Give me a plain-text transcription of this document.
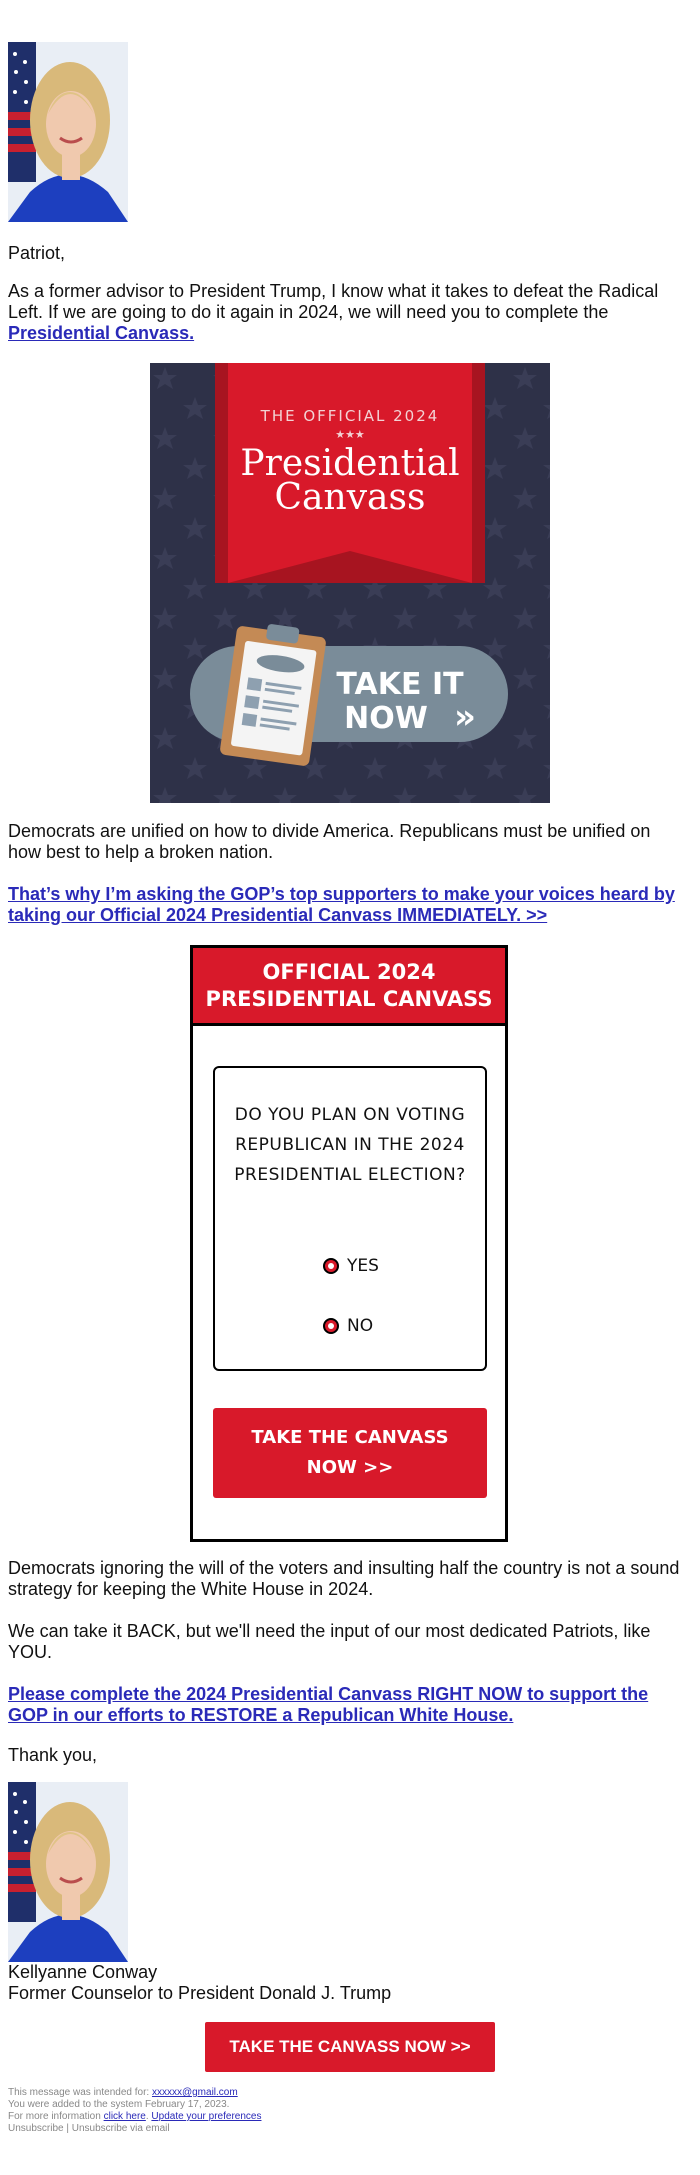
Patriot,

As a former advisor to President Trump, I know what it takes to defeat the Radical Left. If we are going to do it again in 2024, we will need you to complete the Presidential Canvass.

THE OFFICIAL 2024
★★★
Presidential
Canvass
TAKE IT
NOW »

Democrats are unified on how to divide America. Republicans must be unified on how best to help a broken nation.

That’s why I’m asking the GOP’s top supporters to make your voices heard by taking our Official 2024 Presidential Canvass IMMEDIATELY. >>

OFFICIAL 2024 PRESIDENTIAL CANVASS
DO YOU PLAN ON VOTING REPUBLICAN IN THE 2024 PRESIDENTIAL ELECTION?
YES
NO
TAKE THE CANVASS
NOW >>

Democrats ignoring the will of the voters and insulting half the country is not a sound strategy for keeping the White House in 2024.

We can take it BACK, but we'll need the input of our most dedicated Patriots, like YOU.

Please complete the 2024 Presidential Canvass RIGHT NOW to support the GOP in our efforts to RESTORE a Republican White House.

Thank you,

Kellyanne Conway

Former Counselor to President Donald J. Trump

TAKE THE CANVASS NOW >>
This message was intended for: xxxxxx@gmail.com
You were added to the system February 17, 2023.
For more information click here. Update your preferences
Unsubscribe | Unsubscribe via email
